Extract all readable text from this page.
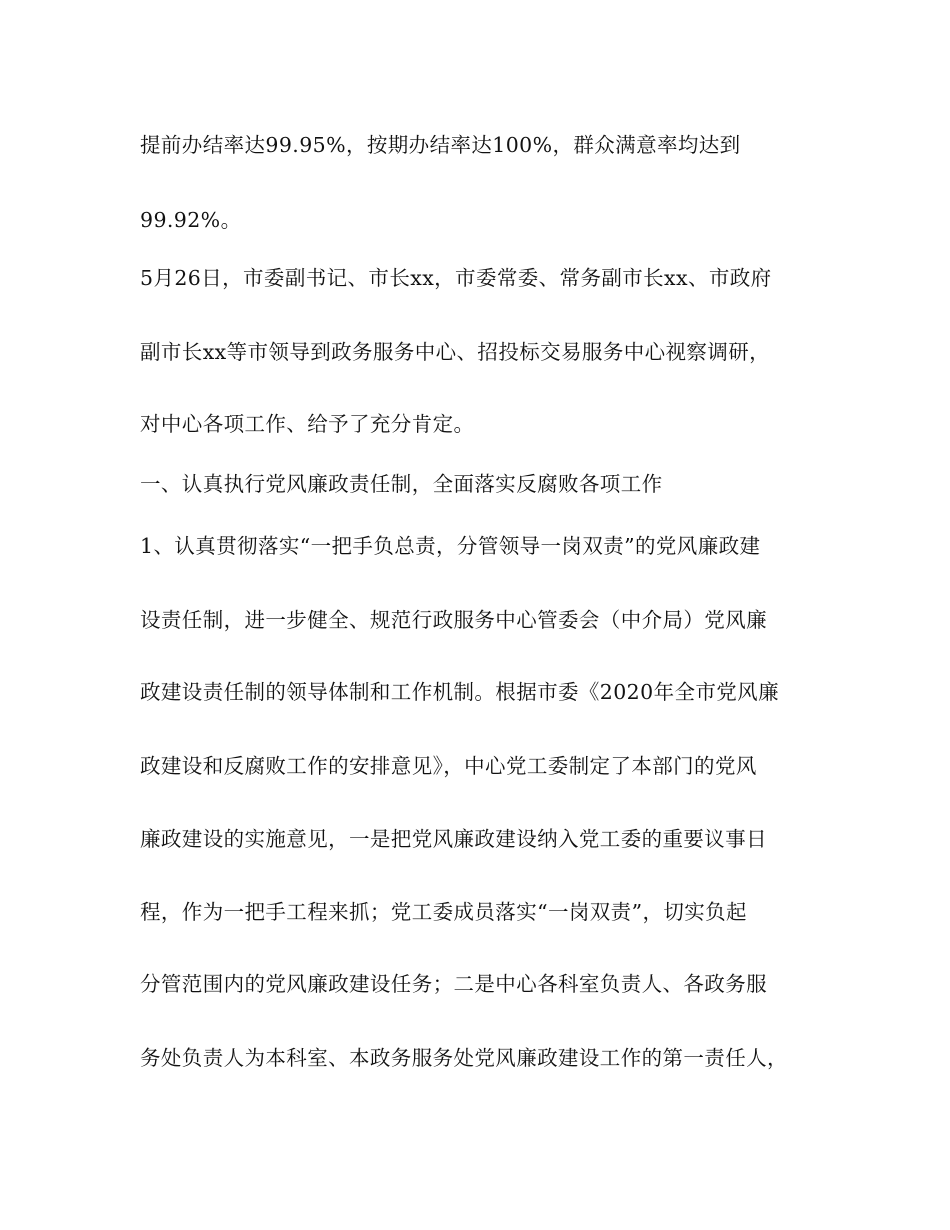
提前办结率达99.95%，按期办结率达100%，群众满意率均达到
99.92%。
5月26日，市委副书记、市长xx，市委常委、常务副市长xx、市政府
副市长xx等市领导到政务服务中心、招投标交易服务中心视察调研，
对中心各项工作、给予了充分肯定。
一、认真执行党风廉政责任制，全面落实反腐败各项工作
1、认真贯彻落实“一把手负总责，分管领导一岗双责”的党风廉政建
设责任制，进一步健全、规范行政服务中心管委会（中介局）党风廉
政建设责任制的领导体制和工作机制。根据市委《2020年全市党风廉
政建设和反腐败工作的安排意见》，中心党工委制定了本部门的党风
廉政建设的实施意见，一是把党风廉政建设纳入党工委的重要议事日
程，作为一把手工程来抓；党工委成员落实“一岗双责”，切实负起
分管范围内的党风廉政建设任务；二是中心各科室负责人、各政务服
务处负责人为本科室、本政务服务处党风廉政建设工作的第一责任人，
